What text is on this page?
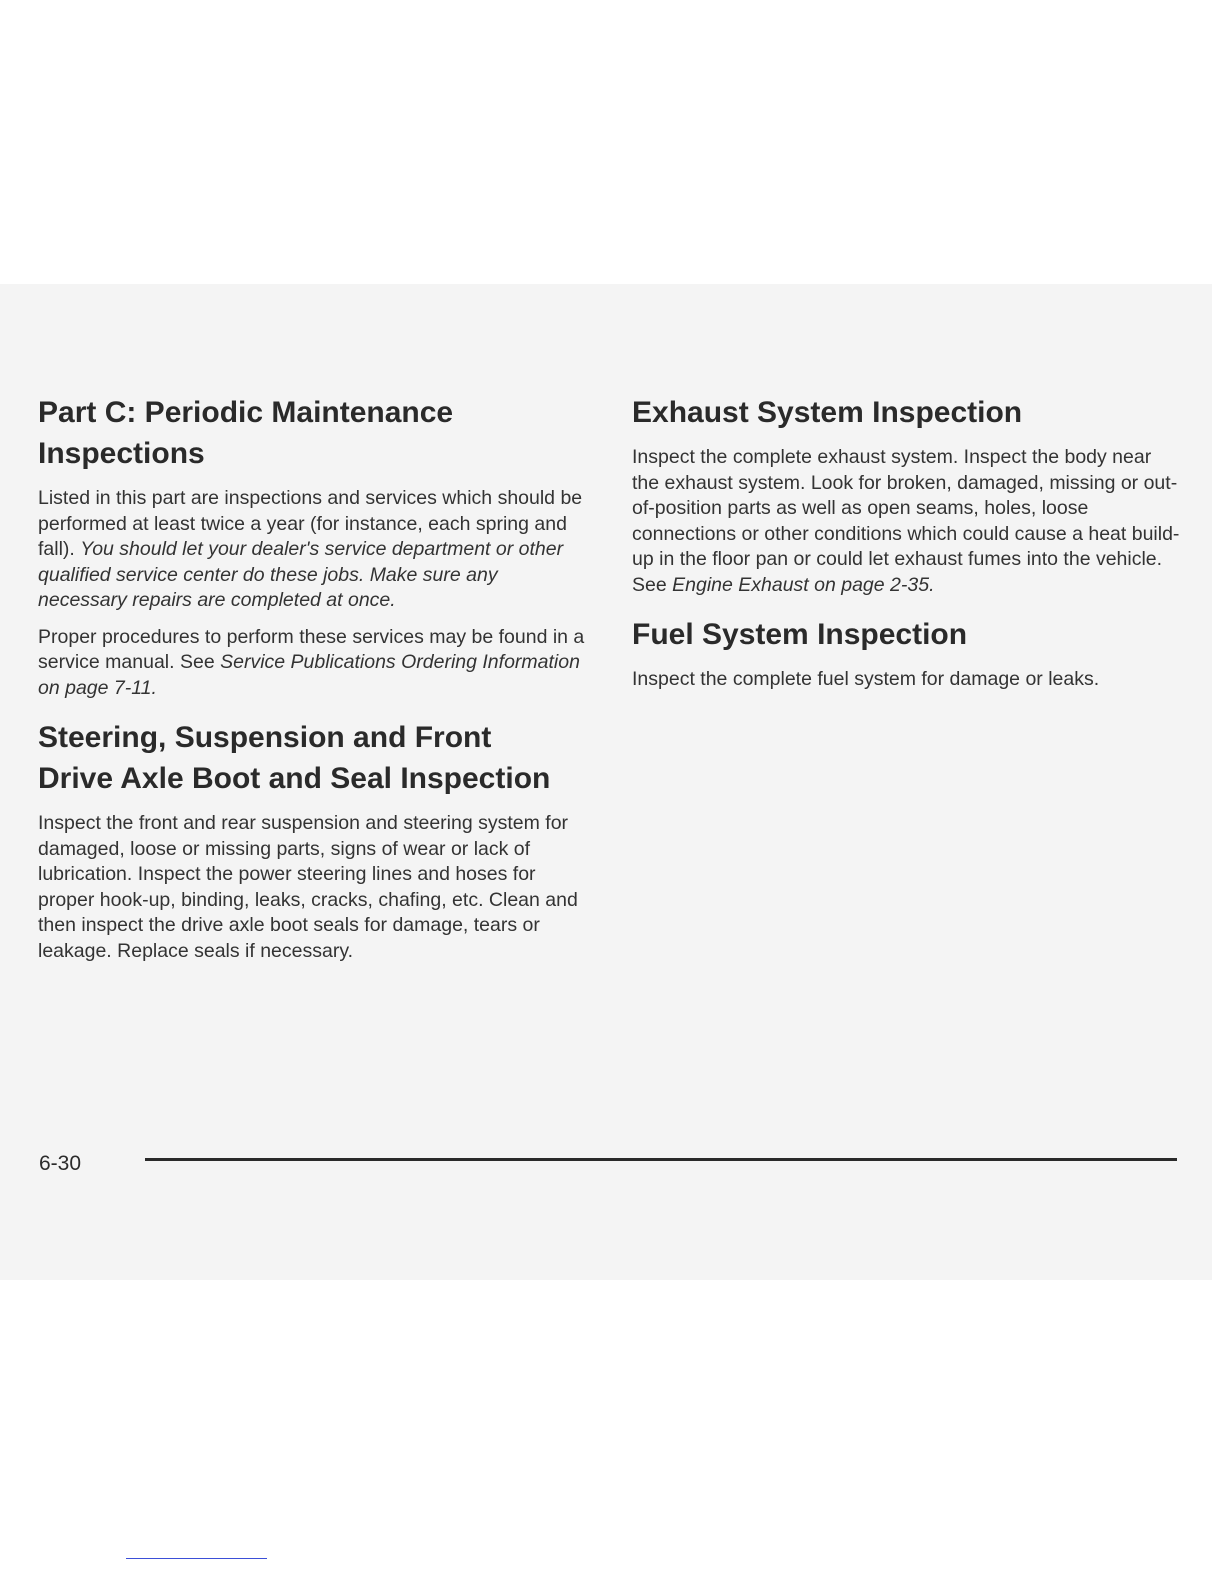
Part C: Periodic Maintenance
Inspections

Listed in this part are inspections and services which should be performed at least twice a year (for instance, each spring and fall). You should let your dealer's service department or other qualified service center do these jobs. Make sure any necessary repairs are completed at once.

Proper procedures to perform these services may be found in a service manual. See Service Publications Ordering Information on page 7-11.

Steering, Suspension and Front
Drive Axle Boot and Seal Inspection

Inspect the front and rear suspension and steering system for damaged, loose or missing parts, signs of wear or lack of lubrication. Inspect the power steering lines and hoses for proper hook-up, binding, leaks, cracks, chafing, etc. Clean and then inspect the drive axle boot seals for damage, tears or leakage. Replace seals if necessary.

Exhaust System Inspection

Inspect the complete exhaust system. Inspect the body near the exhaust system. Look for broken, damaged, missing or out-of-position parts as well as open seams, holes, loose connections or other conditions which could cause a heat build-up in the floor pan or could let exhaust fumes into the vehicle. See Engine Exhaust on page 2-35.

Fuel System Inspection

Inspect the complete fuel system for damage or leaks.

6-30
